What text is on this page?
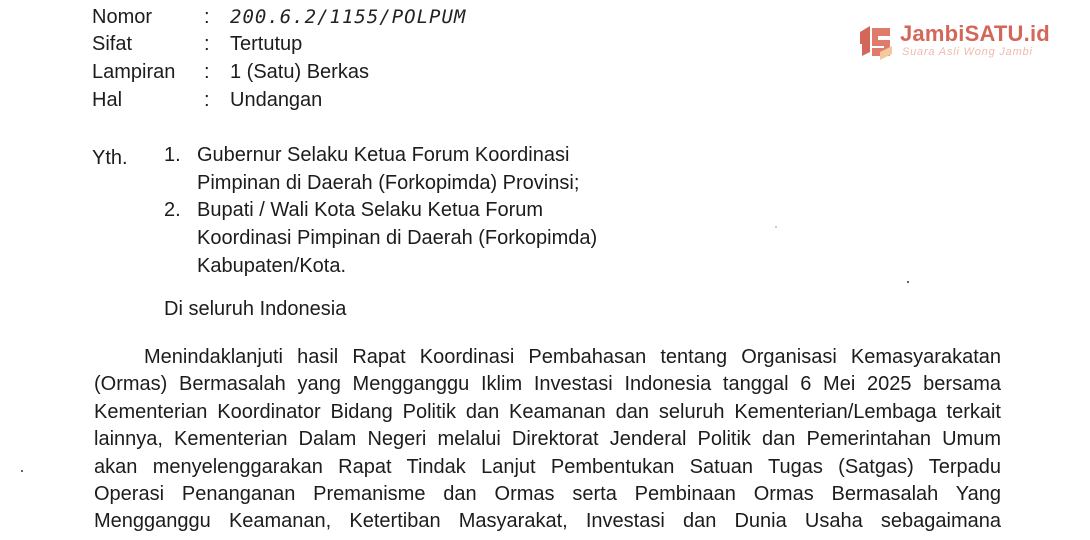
Nomor	: 200.6.2/1155/POLPUM
Sifat	: Tertutup
Lampiran : 1 (Satu) Berkas
Hal	: Undangan
Yth. 1. Gubernur Selaku Ketua Forum Koordinasi
Pimpinan di Daerah (Forkopimda) Provinsi;
2. Bupati / Wali Kota Selaku Ketua Forum
Koordinasi Pimpinan di Daerah (Forkopimda)
Kabupaten/Kota.
Di seluruh Indonesia
Menindaklanjuti hasil Rapat Koordinasi Pembahasan tentang Organisasi Kemasyarakatan
(Ormas) Bermasalah yang Mengganggu Iklim Investasi Indonesia tanggal 6 Mei 2025 bersama
Kementerian Koordinator Bidang Politik dan Keamanan dan seluruh Kementerian/Lembaga terkait
lainnya, Kementerian Dalam Negeri melalui Direktorat Jenderal Politik dan Pemerintahan Umum
akan menyelenggarakan Rapat Tindak Lanjut Pembentukan Satuan Tugas (Satgas) Terpadu
Operasi Penanganan Premanisme dan Ormas serta Pembinaan Ormas Bermasalah Yang
Mengganggu Keamanan, Ketertiban Masyarakat, Investasi dan Dunia Usaha sebagaimana
JambiSATU.id
Suara Asli Wong Jambi
